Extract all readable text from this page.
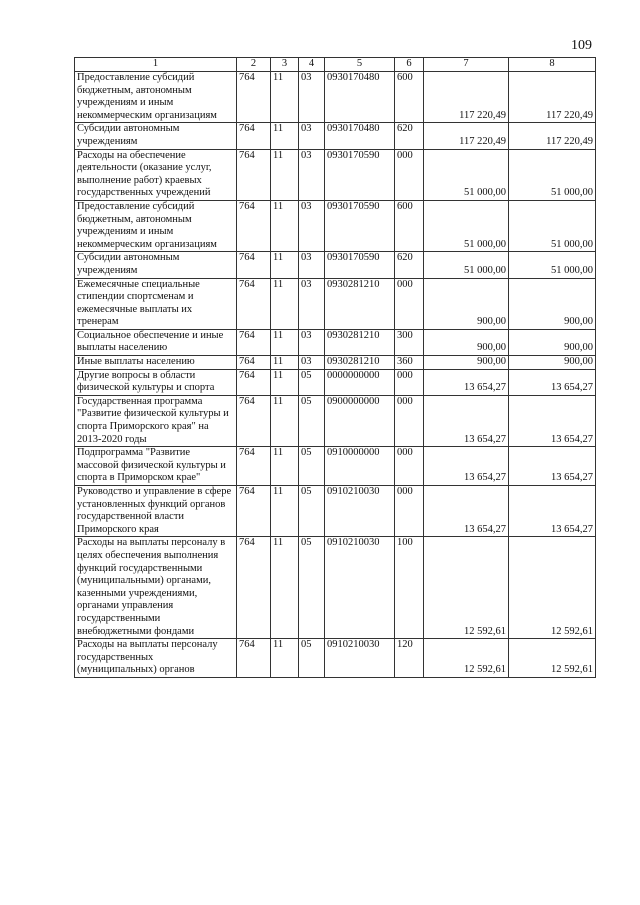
109
1	2	3	4	5	6	7	8
Предоставление субсидий бюджетным, автономным учреждениям и иным некоммерческим организациям	764	11	03	0930170480	600	117 220,49	117 220,49
Субсидии автономным учреждениям	764	11	03	0930170480	620	117 220,49	117 220,49
Расходы на обеспечение деятельности (оказание услуг, выполнение работ) краевых государственных учреждений	764	11	03	0930170590	000	51 000,00	51 000,00
Предоставление субсидий бюджетным, автономным учреждениям и иным некоммерческим организациям	764	11	03	0930170590	600	51 000,00	51 000,00
Субсидии автономным учреждениям	764	11	03	0930170590	620	51 000,00	51 000,00
Ежемесячные специальные стипендии спортсменам и ежемесячные выплаты их тренерам	764	11	03	0930281210	000	900,00	900,00
Социальное обеспечение и иные выплаты населению	764	11	03	0930281210	300	900,00	900,00
Иные выплаты населению	764	11	03	0930281210	360	900,00	900,00
Другие вопросы в области физической культуры и спорта	764	11	05	0000000000	000	13 654,27	13 654,27
Государственная программа "Развитие физической культуры и спорта Приморского края" на 2013-2020 годы	764	11	05	0900000000	000	13 654,27	13 654,27
Подпрограмма "Развитие массовой физической культуры и спорта в Приморском крае"	764	11	05	0910000000	000	13 654,27	13 654,27
Руководство и управление в сфере установленных функций органов государственной власти Приморского края	764	11	05	0910210030	000	13 654,27	13 654,27
Расходы на выплаты персоналу в целях обеспечения выполнения функций государственными (муниципальными) органами, казенными учреждениями, органами управления государственными внебюджетными фондами	764	11	05	0910210030	100	12 592,61	12 592,61
Расходы на выплаты персоналу государственных (муниципальных) органов	764	11	05	0910210030	120	12 592,61	12 592,61
